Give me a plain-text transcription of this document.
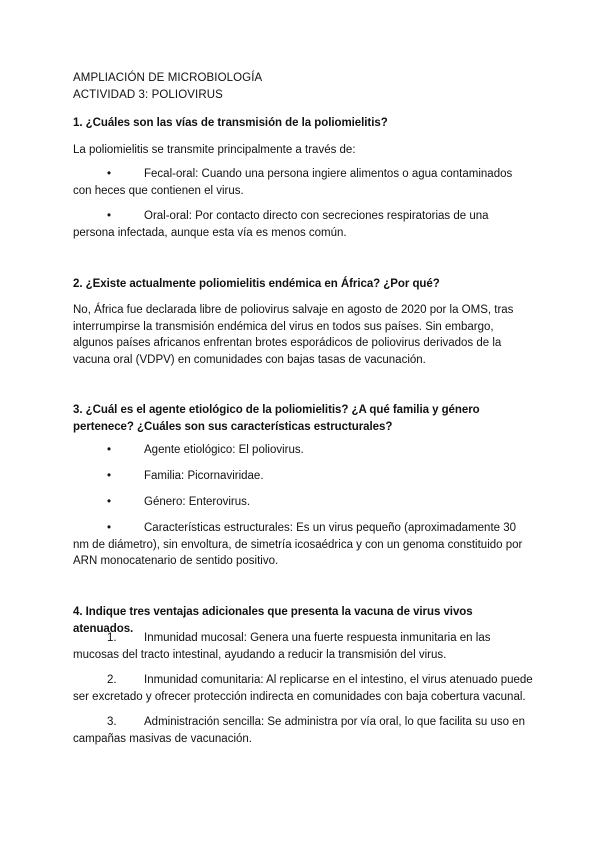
AMPLIACIÓN DE MICROBIOLOGÍA
ACTIVIDAD 3: POLIOVIRUS
1. ¿Cuáles son las vías de transmisión de la poliomielitis?
La poliomielitis se transmite principalmente a través de:
•	Fecal-oral: Cuando una persona ingiere alimentos o agua contaminados con heces que contienen el virus.
•	Oral-oral: Por contacto directo con secreciones respiratorias de una persona infectada, aunque esta vía es menos común.
2. ¿Existe actualmente poliomielitis endémica en África? ¿Por qué?
No, África fue declarada libre de poliovirus salvaje en agosto de 2020 por la OMS, tras interrumpirse la transmisión endémica del virus en todos sus países. Sin embargo, algunos países africanos enfrentan brotes esporádicos de poliovirus derivados de la vacuna oral (VDPV) en comunidades con bajas tasas de vacunación.
3. ¿Cuál es el agente etiológico de la poliomielitis? ¿A qué familia y género pertenece? ¿Cuáles son sus características estructurales?
•	Agente etiológico: El poliovirus.
•	Familia: Picornaviridae.
•	Género: Enterovirus.
•	Características estructurales: Es un virus pequeño (aproximadamente 30 nm de diámetro), sin envoltura, de simetría icosaédrica y con un genoma constituido por ARN monocatenario de sentido positivo.
4. Indique tres ventajas adicionales que presenta la vacuna de virus vivos atenuados.
1. Inmunidad mucosal: Genera una fuerte respuesta inmunitaria en las mucosas del tracto intestinal, ayudando a reducir la transmisión del virus.
2. Inmunidad comunitaria: Al replicarse en el intestino, el virus atenuado puede ser excretado y ofrecer protección indirecta en comunidades con baja cobertura vacunal.
3. Administración sencilla: Se administra por vía oral, lo que facilita su uso en campañas masivas de vacunación.
